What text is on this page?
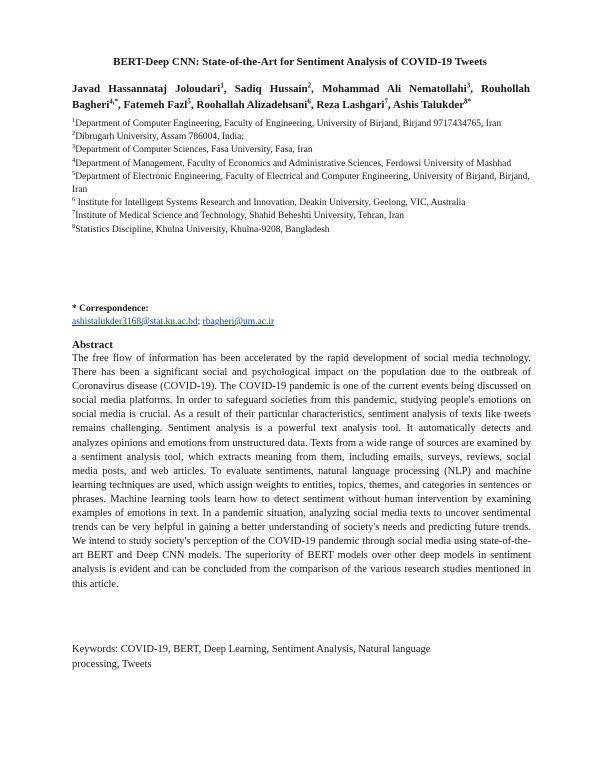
BERT-Deep CNN: State-of-the-Art for Sentiment Analysis of COVID-19 Tweets
Javad Hassannataj Joloudari$^1$, Sadiq Hussain$^2$, Mohammad Ali Nematollahi$^3$, Rouhollah Bagheri$^{4,*}$, Fatemeh Fazl$^5$, Roohallah Alizadehsani$^6$, Reza Lashgari$^7$, Ashis Talukder$^{8*}$
$^1$Department of Computer Engineering, Faculty of Engineering, University of Birjand, Birjand 9717434765, Iran
$^2$Dibrugarh University, Assam 786004, India;
$^3$Department of Computer Sciences, Fasa University, Fasa, Iran
$^4$Department of Management, Faculty of Economics and Administrative Sciences, Ferdowsi University of Mashhad
$^5$Department of Electronic Engineering, Faculty of Electrical and Computer Engineering, University of Birjand, Birjand, Iran
$^6$ Institute for Intelligent Systems Research and Innovation, Deakin University, Geelong, VIC, Australia
$^7$Institute of Medical Science and Technology, Shahid Beheshti University, Tehran, Iran
$^8$Statistics Discipline, Khulna University, Khulna-9208, Bangladesh
* Correspondence:
ashistalukder3168@stat.ku.ac.bd; rbagheri@um.ac.ir
Abstract
The free flow of information has been accelerated by the rapid development of social media technology. There has been a significant social and psychological impact on the population due to the outbreak of Coronavirus disease (COVID-19). The COVID-19 pandemic is one of the current events being discussed on social media platforms. In order to safeguard societies from this pandemic, studying people's emotions on social media is crucial. As a result of their particular characteristics, sentiment analysis of texts like tweets remains challenging. Sentiment analysis is a powerful text analysis tool. It automatically detects and analyzes opinions and emotions from unstructured data. Texts from a wide range of sources are examined by a sentiment analysis tool, which extracts meaning from them, including emails, surveys, reviews, social media posts, and web articles. To evaluate sentiments, natural language processing (NLP) and machine learning techniques are used, which assign weights to entities, topics, themes, and categories in sentences or phrases. Machine learning tools learn how to detect sentiment without human intervention by examining examples of emotions in text. In a pandemic situation, analyzing social media texts to uncover sentimental trends can be very helpful in gaining a better understanding of society's needs and predicting future trends. We intend to study society's perception of the COVID-19 pandemic through social media using state-of-the-art BERT and Deep CNN models. The superiority of BERT models over other deep models in sentiment analysis is evident and can be concluded from the comparison of the various research studies mentioned in this article.
Keywords: COVID-19, BERT, Deep Learning, Sentiment Analysis, Natural language processing, Tweets
